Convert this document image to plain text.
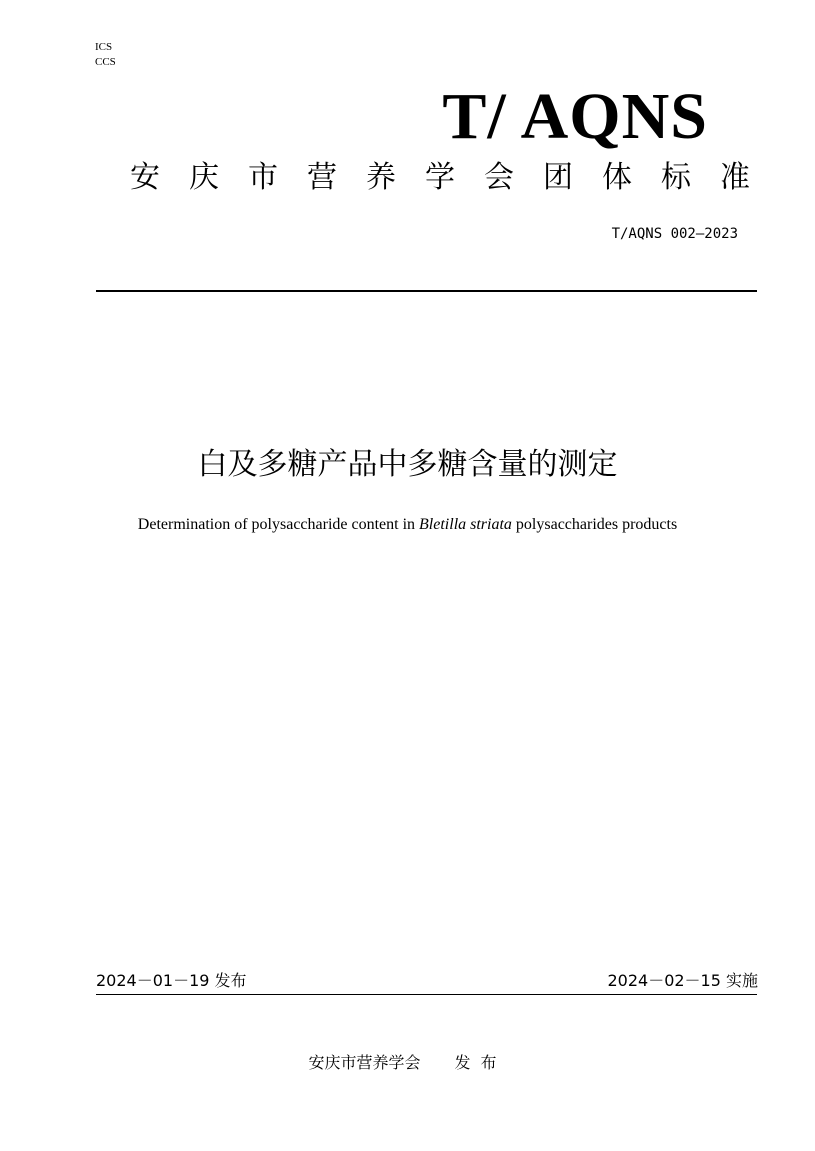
ICS
CCS
T/ AQNS
安 庆 市 营 养 学 会 团 体 标 准
T/AQNS 002—2023
白及多糖产品中多糖含量的测定
Determination of polysaccharide content in Bletilla striata polysaccharides products
2024－01－19 发布	2024－02－15 实施
安庆市营养学会 发布
